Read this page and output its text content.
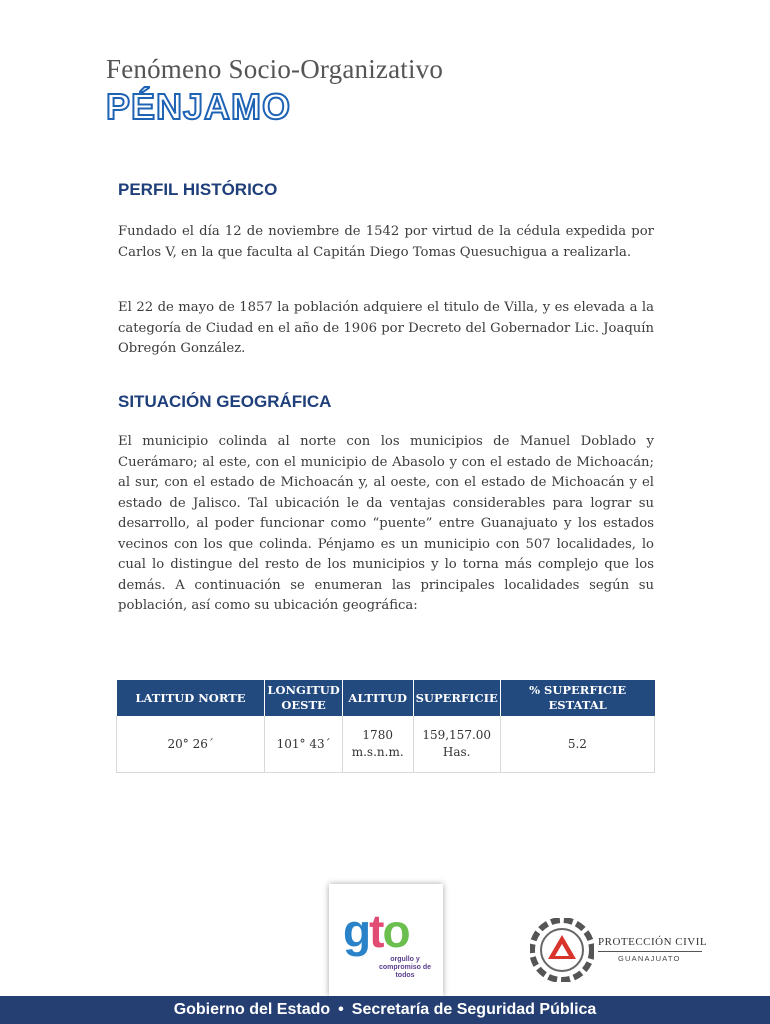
Fenómeno Socio-Organizativo
PÉNJAMO
PERFIL HISTÓRICO

Fundado el día 12 de noviembre de 1542 por virtud de la cédula expedida por Carlos V, en la que faculta al Capitán Diego Tomas Quesuchigua a realizarla.

El 22 de mayo de 1857 la población adquiere el titulo de Villa, y es elevada a la categoría de Ciudad en el año de 1906 por Decreto del Gobernador Lic. Joaquín Obregón González.

SITUACIÓN GEOGRÁFICA

El municipio colinda al norte con los municipios de Manuel Doblado y Cuerámaro; al este, con el municipio de Abasolo y con el estado de Michoacán; al sur, con el estado de Michoacán y, al oeste, con el estado de Michoacán y el estado de Jalisco. Tal ubicación le da ventajas considerables para lograr su desarrollo, al poder funcionar como “puente” entre Guanajuato y los estados vecinos con los que colinda. Pénjamo es un municipio con 507 localidades, lo cual lo distingue del resto de los municipios y lo torna más complejo que los demás. A continuación se enumeran las principales localidades según su población, así como su ubicación geográfica:

LATITUD NORTE	LONGITUD OESTE	ALTITUD	SUPERFICIE	% SUPERFICIE ESTATAL
20° 26´	101° 43´	1780 m.s.n.m.	159,157.00 Has.	5.2
gto
orgullo y compromiso de todos
PROTECCIÓN CIVIL
GUANAJUATO
Gobierno del Estado • Secretaría de Seguridad Pública
